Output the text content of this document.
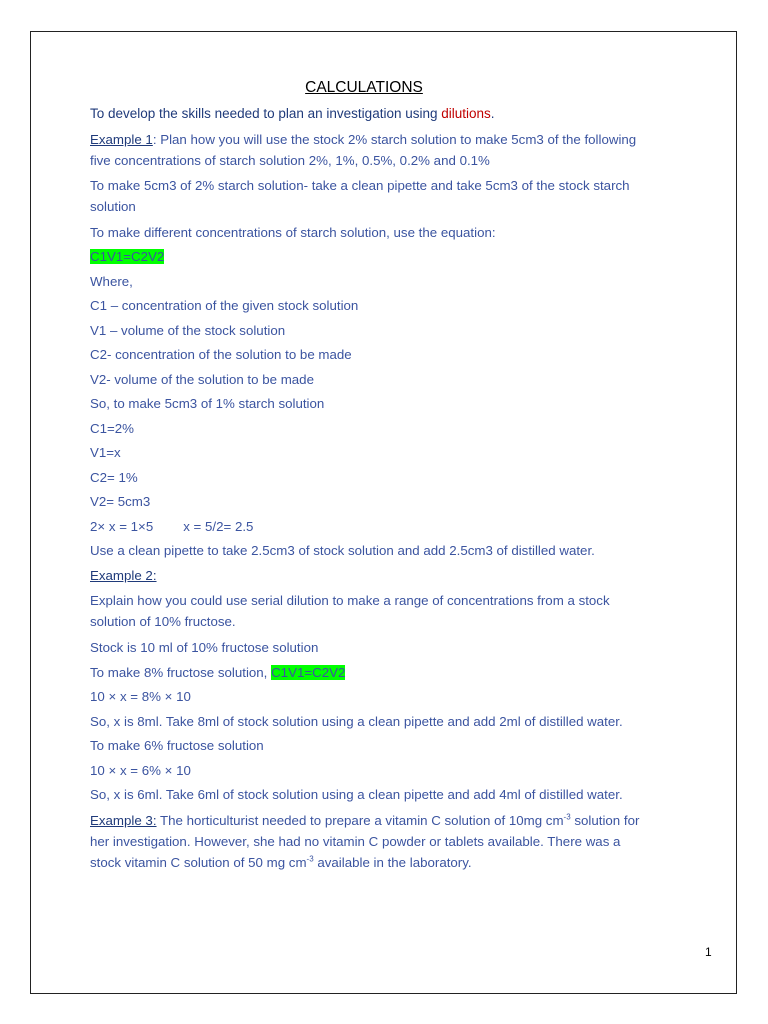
CALCULATIONS
To develop the skills needed to plan an investigation using dilutions.
Example 1: Plan how you will use the stock 2% starch solution to make 5cm3 of the following
five concentrations of starch solution 2%, 1%, 0.5%, 0.2% and 0.1%
To make 5cm3 of 2% starch solution- take a clean pipette and take 5cm3 of the stock starch
solution
To make different concentrations of starch solution, use the equation:
C1V1=C2V2
Where,
C1 – concentration of the given stock solution
V1 – volume of the stock solution
C2- concentration of the solution to be made
V2- volume of the solution to be made
So, to make 5cm3 of 1% starch solution
C1=2%
V1=x
C2= 1%
V2= 5cm3
2× x = 1×5 x = 5/2= 2.5
Use a clean pipette to take 2.5cm3 of stock solution and add 2.5cm3 of distilled water.
Example 2:
Explain how you could use serial dilution to make a range of concentrations from a stock
solution of 10% fructose.
Stock is 10 ml of 10% fructose solution
To make 8% fructose solution, C1V1=C2V2
10 × x = 8% × 10
So, x is 8ml. Take 8ml of stock solution using a clean pipette and add 2ml of distilled water.
To make 6% fructose solution
10 × x = 6% × 10
So, x is 6ml. Take 6ml of stock solution using a clean pipette and add 4ml of distilled water.
Example 3: The horticulturist needed to prepare a vitamin C solution of 10mg $cm^{-3}$ solution for
her investigation. However, she had no vitamin C powder or tablets available. There was a
stock vitamin C solution of 50 mg $cm^{-3}$ available in the laboratory.
1
